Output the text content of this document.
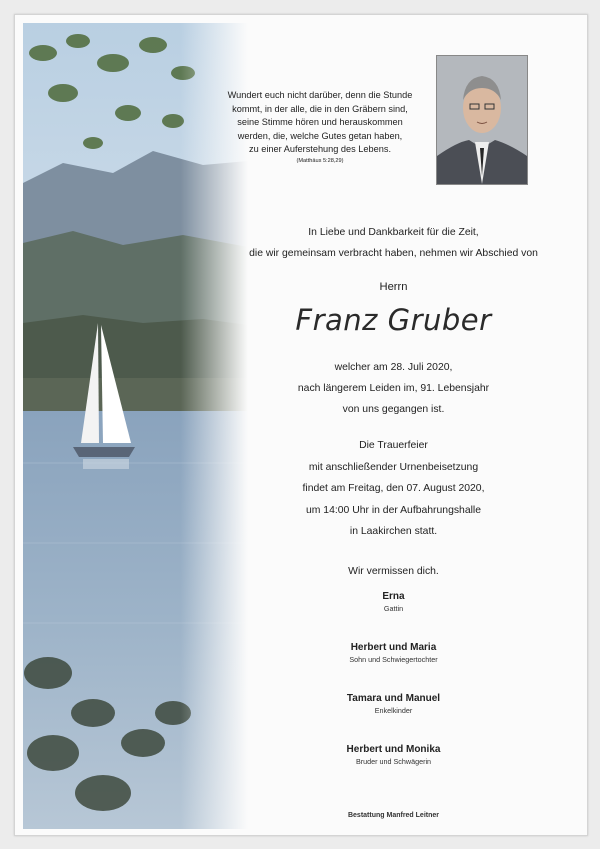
Wundert euch nicht darüber, denn die Stunde
kommt, in der alle, die in den Gräbern sind,
seine Stimme hören und herauskommen
werden, die, welche Gutes getan haben,
zu einer Auferstehung des Lebens.
(Matthäus 5:28,29)
In Liebe und Dankbarkeit für die Zeit,
die wir gemeinsam verbracht haben, nehmen wir Abschied von
Herrn
Franz Gruber
welcher am 28. Juli 2020,
nach längerem Leiden im, 91. Lebensjahr
von uns gegangen ist.
Die Trauerfeier
mit anschließender Urnenbeisetzung
findet am Freitag, den 07. August 2020,
um 14:00 Uhr in der Aufbahrungshalle
in Laakirchen statt.
Wir vermissen dich.
Erna
Gattin
Herbert und Maria
Sohn und Schwiegertochter
Tamara und Manuel
Enkelkinder
Herbert und Monika
Bruder und Schwägerin
Bestattung Manfred Leitner
